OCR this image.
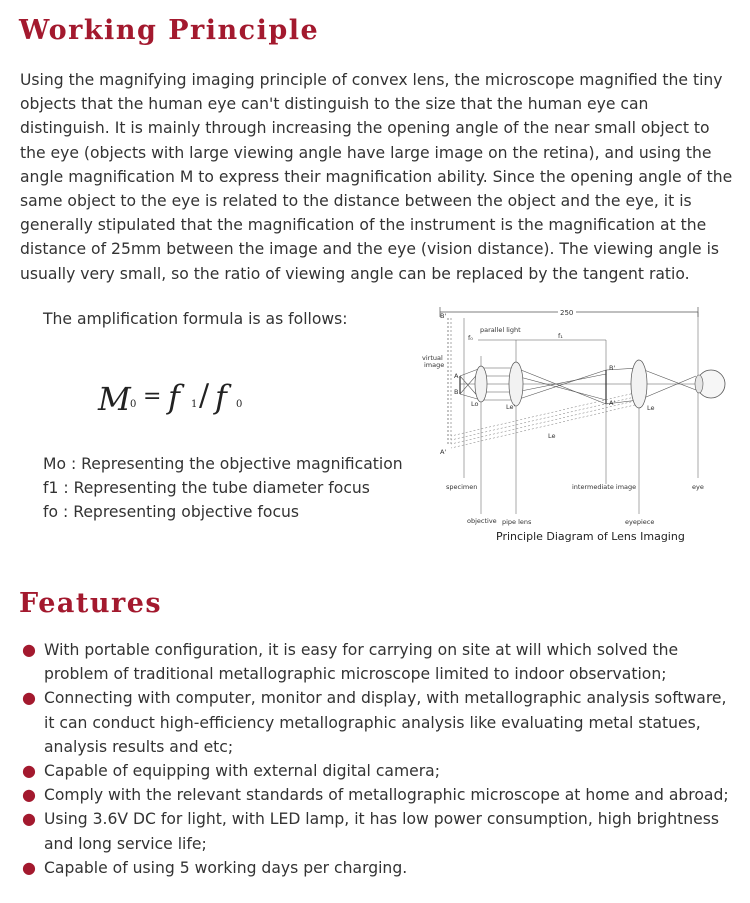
Working Principle

Using the magnifying imaging principle of convex lens, the microscope magnified the tiny objects that the human eye can't distinguish to the size that the human eye can distinguish. It is mainly through increasing the opening angle of the near small object to the eye (objects with large viewing angle have large image on the retina), and using the angle magnification M to express their magnification ability. Since the opening angle of the same object to the eye is related to the distance between the object and the eye, it is generally stipulated that the magnification of the instrument is the magnification at the distance of 25mm between the image and the eye (vision distance). The viewing angle is usually very small, so the ratio of viewing angle can be replaced by the tangent ratio.

The amplification formula is as follows:
M 0 = f 1 / f 0
Mo : Representing the objective magnification
f1 : Representing the tube diameter focus
fo : Representing objective focus
250
f₀	f₁
parallel light
B'
virtual
image
A'
A
B
B'
A'
Lo	Le'
Le
Le
specimen	intermediate image	eye
objective pipe lens	eyepiece
Principle Diagram of Lens Imaging
Features
● With portable configuration, it is easy for carrying on site at will which solved the problem of traditional metallographic microscope limited to indoor observation;
● Connecting with computer, monitor and display, with metallographic analysis software, it can conduct high-efficiency metallographic analysis like evaluating metal statues, analysis results and etc;
● Capable of equipping with external digital camera;
● Comply with the relevant standards of metallographic microscope at home and abroad;
● Using 3.6V DC for light, with LED lamp, it has low power consumption, high brightness and long service life;
● Capable of using 5 working days per charging.
